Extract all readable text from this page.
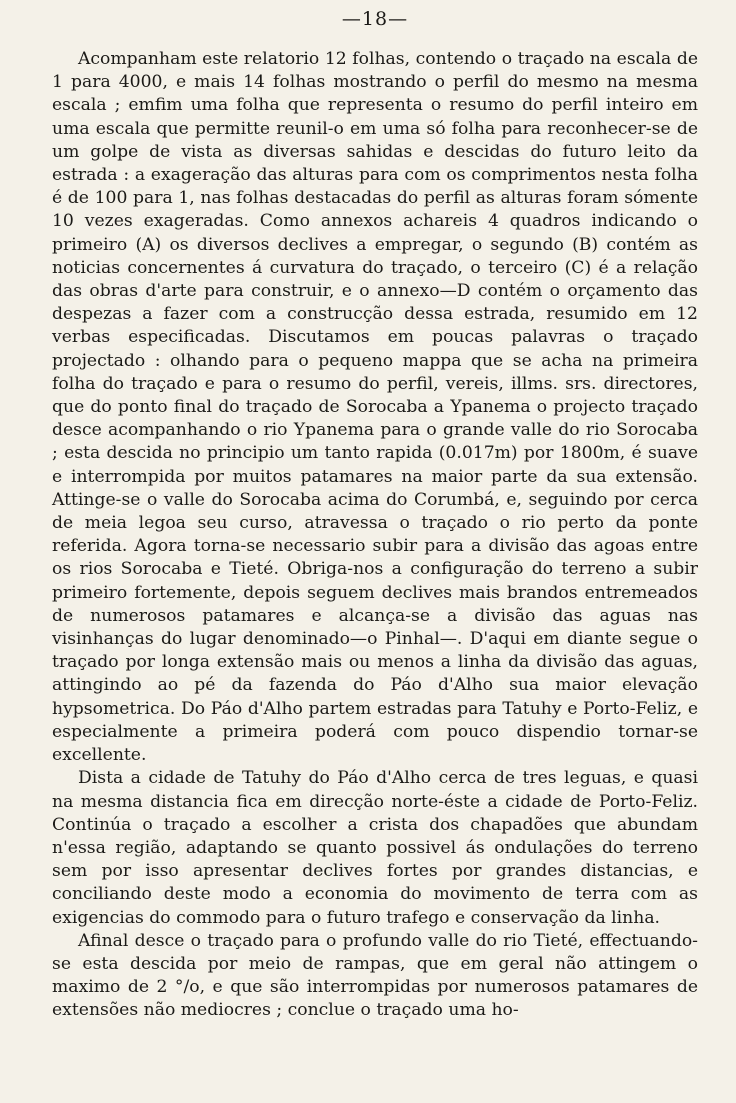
—18—

Acompanham este relatorio 12 folhas, contendo o traçado na escala de 1 para 4000, e mais 14 folhas mostrando o perfil do mesmo na mesma escala ; emfim uma folha que representa o resumo do perfil inteiro em uma escala que permitte reunil-o em uma só folha para reconhecer-se de um golpe de vista as diversas sahidas e descidas do futuro leito da estrada : a exageração das alturas para com os comprimentos nesta folha é de 100 para 1, nas folhas destacadas do perfil as alturas foram sómente 10 vezes exageradas. Como annexos achareis 4 quadros indicando o primeiro (A) os diversos declives a empregar, o segundo (B) contém as noticias concernentes á curvatura do traçado, o terceiro (C) é a relação das obras d'arte para construir, e o annexo—D contém o orçamento das despezas a fazer com a construcção dessa estrada, resumido em 12 verbas especificadas. Discutamos em poucas palavras o traçado projectado : olhando para o pequeno mappa que se acha na primeira folha do traçado e para o resumo do perfil, vereis, illms. srs. directores, que do ponto final do traçado de Sorocaba a Ypanema o projecto traçado desce acompanhando o rio Ypanema para o grande valle do rio Sorocaba ; esta descida no principio um tanto rapida (0.017m) por 1800m, é suave e interrompida por muitos patamares na maior parte da sua extensão. Attinge-se o valle do Sorocaba acima do Corumbá, e, seguindo por cerca de meia legoa seu curso, atravessa o traçado o rio perto da ponte referida. Agora torna-se necessario subir para a divisão das agoas entre os rios Sorocaba e Tieté. Obriga-nos a configuração do terreno a subir primeiro fortemente, depois seguem declives mais brandos entremeados de numerosos patamares e alcança-se a divisão das aguas nas visinhanças do lugar denominado—o Pinhal—. D'aqui em diante segue o traçado por longa extensão mais ou menos a linha da divisão das aguas, attingindo ao pé da fazenda do Páo d'Alho sua maior elevação hypsometrica. Do Páo d'Alho partem estradas para Tatuhy e Porto-Feliz, e especialmente a primeira poderá com pouco dispendio tornar-se excellente.

Dista a cidade de Tatuhy do Páo d'Alho cerca de tres leguas, e quasi na mesma distancia fica em direcção norte-éste a cidade de Porto-Feliz. Continúa o traçado a escolher a crista dos chapadões que abundam n'essa região, adaptando se quanto possivel ás ondulações do terreno sem por isso apresentar declives fortes por grandes distancias, e conciliando deste modo a economia do movimento de terra com as exigencias do commodo para o futuro trafego e conservação da linha.

Afinal desce o traçado para o profundo valle do rio Tieté, effectuando-se esta descida por meio de rampas, que em geral não attingem o maximo de 2 °/o, e que são interrompidas por numerosos patamares de extensões não mediocres ; conclue o traçado uma ho-
